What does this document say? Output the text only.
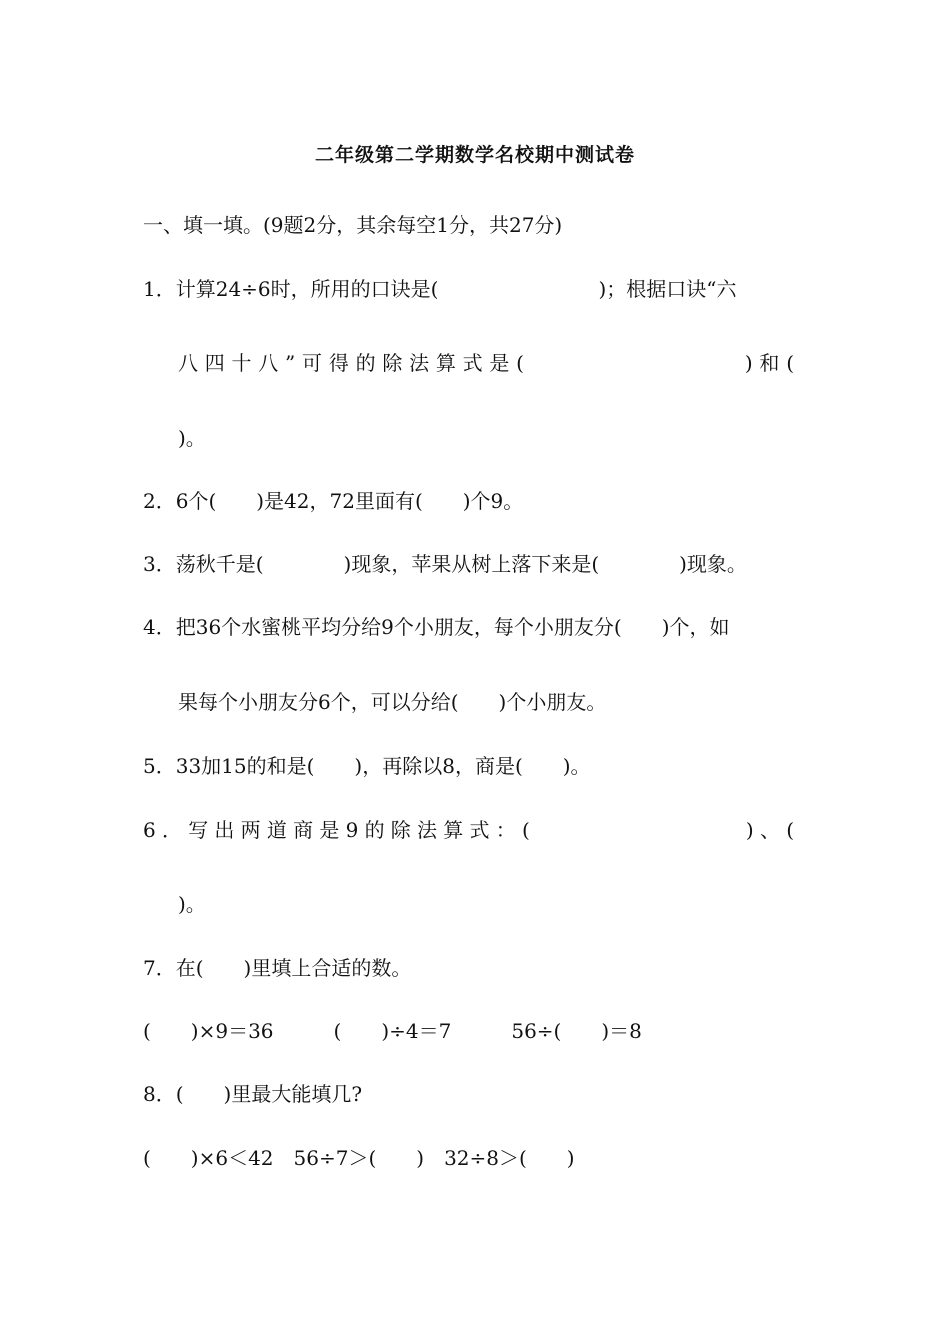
二年级第二学期数学名校期中测试卷
一、填一填。(9题2分，其余每空1分，共27分)
1．计算24÷6时，所用的口诀是(　　　　　　　　)；根据口诀“六
八四十八”可得的除法算式是(　　　　　　　　)和(
)。
2．6个(　　)是42，72里面有(　　)个9。
3．荡秋千是(　　　　)现象，苹果从树上落下来是(　　　　)现象。
4．把36个水蜜桃平均分给9个小朋友，每个小朋友分(　　)个，如
果每个小朋友分6个，可以分给(　　)个小朋友。
5．33加15的和是(　　)，再除以8，商是(　　)。
6．写出两道商是9的除法算式：(　　　　　　　　)、(
)。
7．在(　　)里填上合适的数。
(　　)×9＝36　　　(　　)÷4＝7　　　56÷(　　)＝8
8．(　　)里最大能填几?
(　　)×6＜42　56÷7＞(　　)　32÷8＞(　　)
